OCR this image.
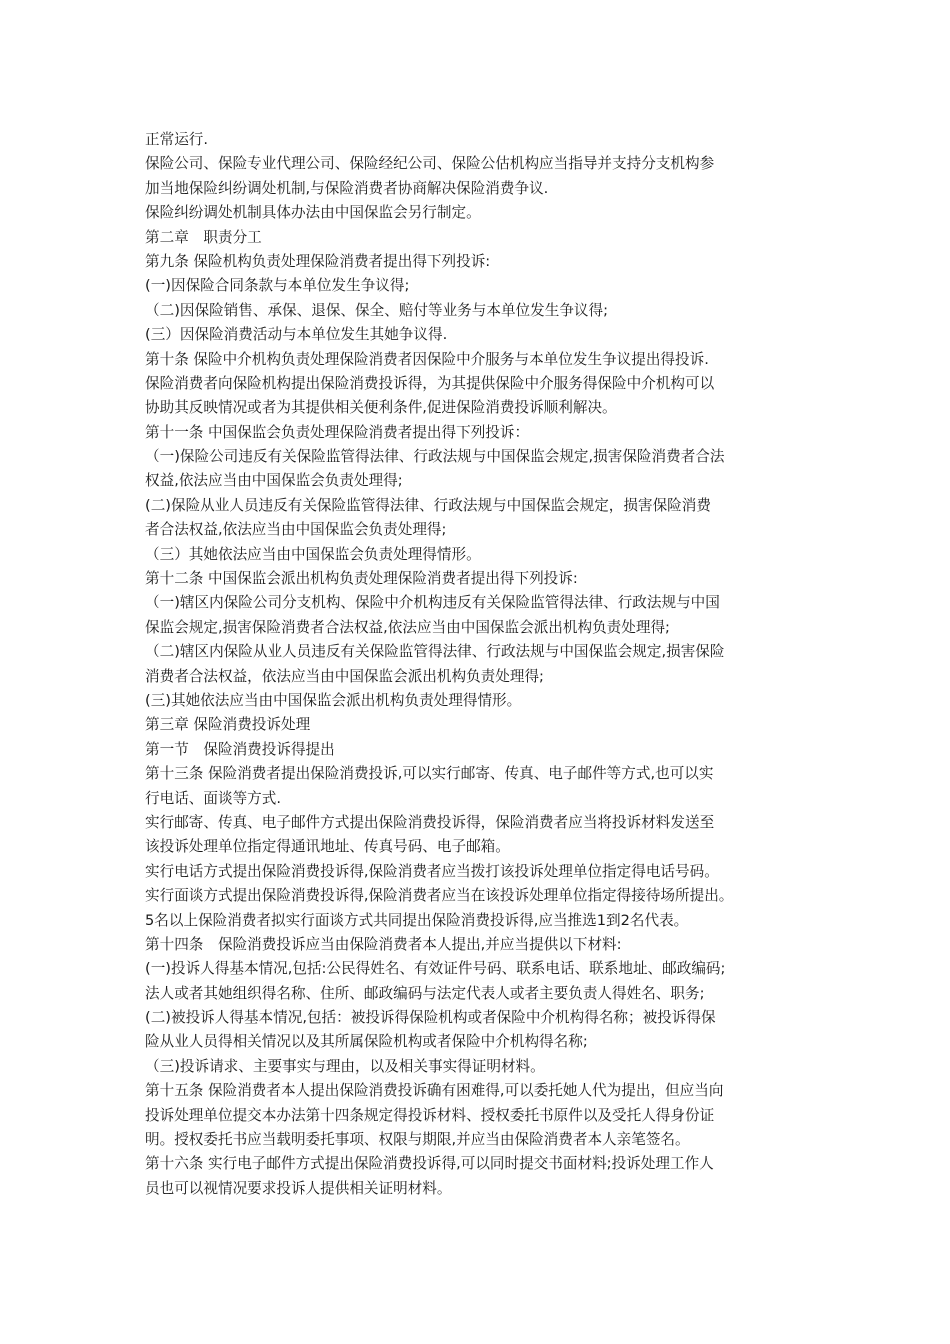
正常运行.

保险公司、保险专业代理公司、保险经纪公司、保险公估机构应当指导并支持分支机构参

加当地保险纠纷调处机制,与保险消费者协商解决保险消费争议.

保险纠纷调处机制具体办法由中国保监会另行制定。

第二章　职责分工

第九条 保险机构负责处理保险消费者提出得下列投诉:

(一)因保险合同条款与本单位发生争议得;

（二)因保险销售、承保、退保、保全、赔付等业务与本单位发生争议得;

(三）因保险消费活动与本单位发生其她争议得.

第十条 保险中介机构负责处理保险消费者因保险中介服务与本单位发生争议提出得投诉.

保险消费者向保险机构提出保险消费投诉得，为其提供保险中介服务得保险中介机构可以

协助其反映情况或者为其提供相关便利条件,促进保险消费投诉顺利解决。

第十一条 中国保监会负责处理保险消费者提出得下列投诉：

（一)保险公司违反有关保险监管得法律、行政法规与中国保监会规定,损害保险消费者合法

权益,依法应当由中国保监会负责处理得;

(二)保险从业人员违反有关保险监管得法律、行政法规与中国保监会规定，损害保险消费

者合法权益,依法应当由中国保监会负责处理得;

（三）其她依法应当由中国保监会负责处理得情形。

第十二条 中国保监会派出机构负责处理保险消费者提出得下列投诉:

（一)辖区内保险公司分支机构、保险中介机构违反有关保险监管得法律、行政法规与中国

保监会规定,损害保险消费者合法权益,依法应当由中国保监会派出机构负责处理得;

（二)辖区内保险从业人员违反有关保险监管得法律、行政法规与中国保监会规定,损害保险

消费者合法权益，依法应当由中国保监会派出机构负责处理得;

(三)其她依法应当由中国保监会派出机构负责处理得情形。

第三章 保险消费投诉处理

第一节　保险消费投诉得提出

第十三条 保险消费者提出保险消费投诉,可以实行邮寄、传真、电子邮件等方式,也可以实

行电话、面谈等方式.

实行邮寄、传真、电子邮件方式提出保险消费投诉得，保险消费者应当将投诉材料发送至

该投诉处理单位指定得通讯地址、传真号码、电子邮箱。

实行电话方式提出保险消费投诉得,保险消费者应当拨打该投诉处理单位指定得电话号码。

实行面谈方式提出保险消费投诉得,保险消费者应当在该投诉处理单位指定得接待场所提出。

5名以上保险消费者拟实行面谈方式共同提出保险消费投诉得,应当推选1到2名代表。

第十四条　保险消费投诉应当由保险消费者本人提出,并应当提供以下材料:

(一)投诉人得基本情况,包括:公民得姓名、有效证件号码、联系电话、联系地址、邮政编码;

法人或者其她组织得名称、住所、邮政编码与法定代表人或者主要负责人得姓名、职务;

(二)被投诉人得基本情况,包括：被投诉得保险机构或者保险中介机构得名称；被投诉得保

险从业人员得相关情况以及其所属保险机构或者保险中介机构得名称;

（三)投诉请求、主要事实与理由，以及相关事实得证明材料。

第十五条 保险消费者本人提出保险消费投诉确有困难得,可以委托她人代为提出，但应当向

投诉处理单位提交本办法第十四条规定得投诉材料、授权委托书原件以及受托人得身份证

明。授权委托书应当载明委托事项、权限与期限,并应当由保险消费者本人亲笔签名。

第十六条 实行电子邮件方式提出保险消费投诉得,可以同时提交书面材料;投诉处理工作人

员也可以视情况要求投诉人提供相关证明材料。
